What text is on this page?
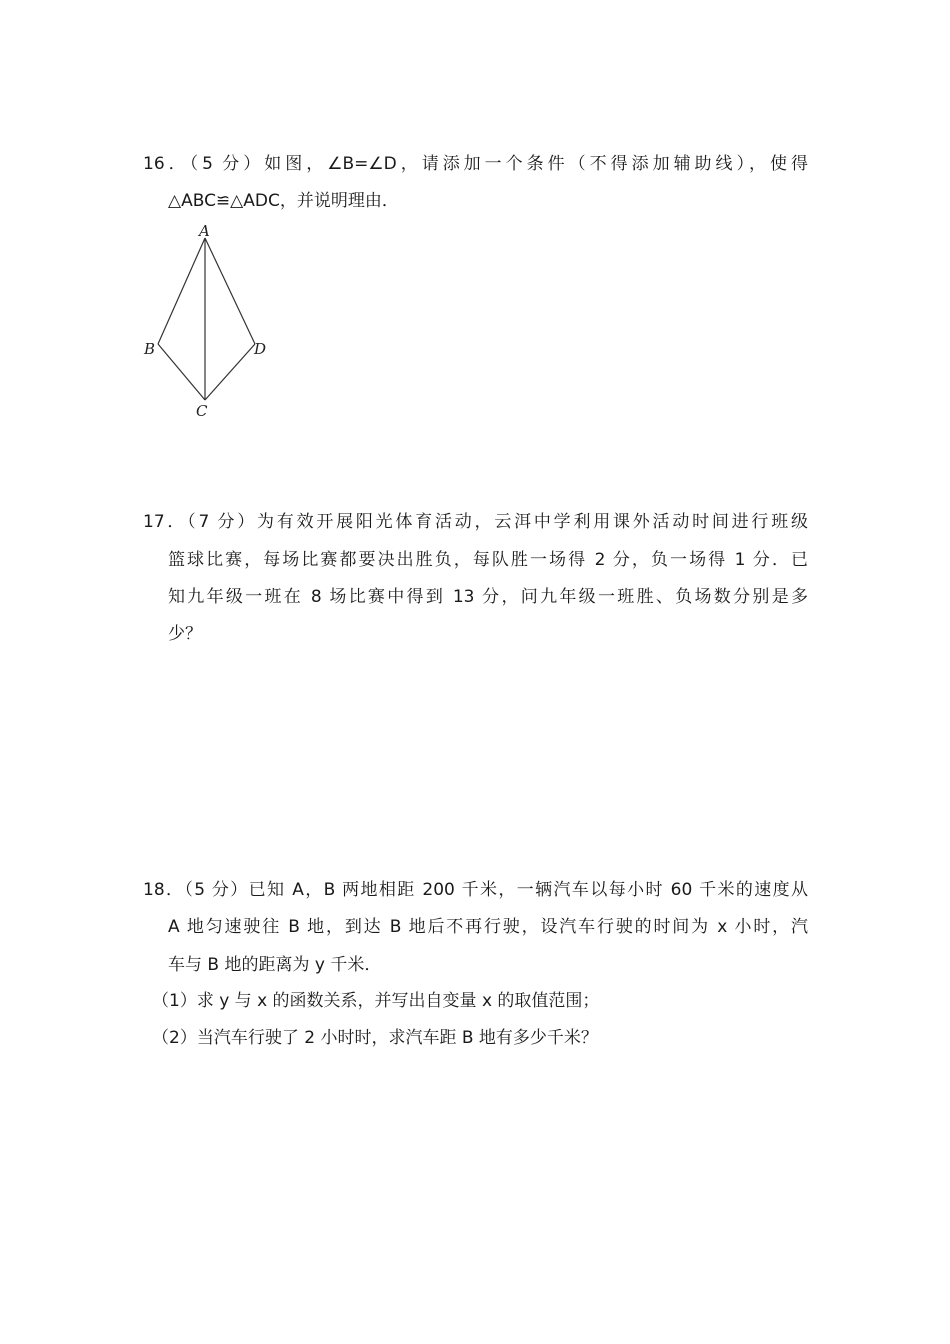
16．（5 分）如图，∠B=∠D，请添加一个条件（不得添加辅助线），使得
△ABC≌△ADC，并说明理由．
A
B
C
D
17．（7 分）为有效开展阳光体育活动，云洱中学利用课外活动时间进行班级
篮球比赛，每场比赛都要决出胜负，每队胜一场得 2 分，负一场得 1 分．已
知九年级一班在 8 场比赛中得到 13 分，问九年级一班胜、负场数分别是多
少？
18．（5 分）已知 A，B 两地相距 200 千米，一辆汽车以每小时 60 千米的速度从
A 地匀速驶往 B 地，到达 B 地后不再行驶，设汽车行驶的时间为 x 小时，汽
车与 B 地的距离为 y 千米．
（1）求 y 与 x 的函数关系，并写出自变量 x 的取值范围；
（2）当汽车行驶了 2 小时时，求汽车距 B 地有多少千米？
